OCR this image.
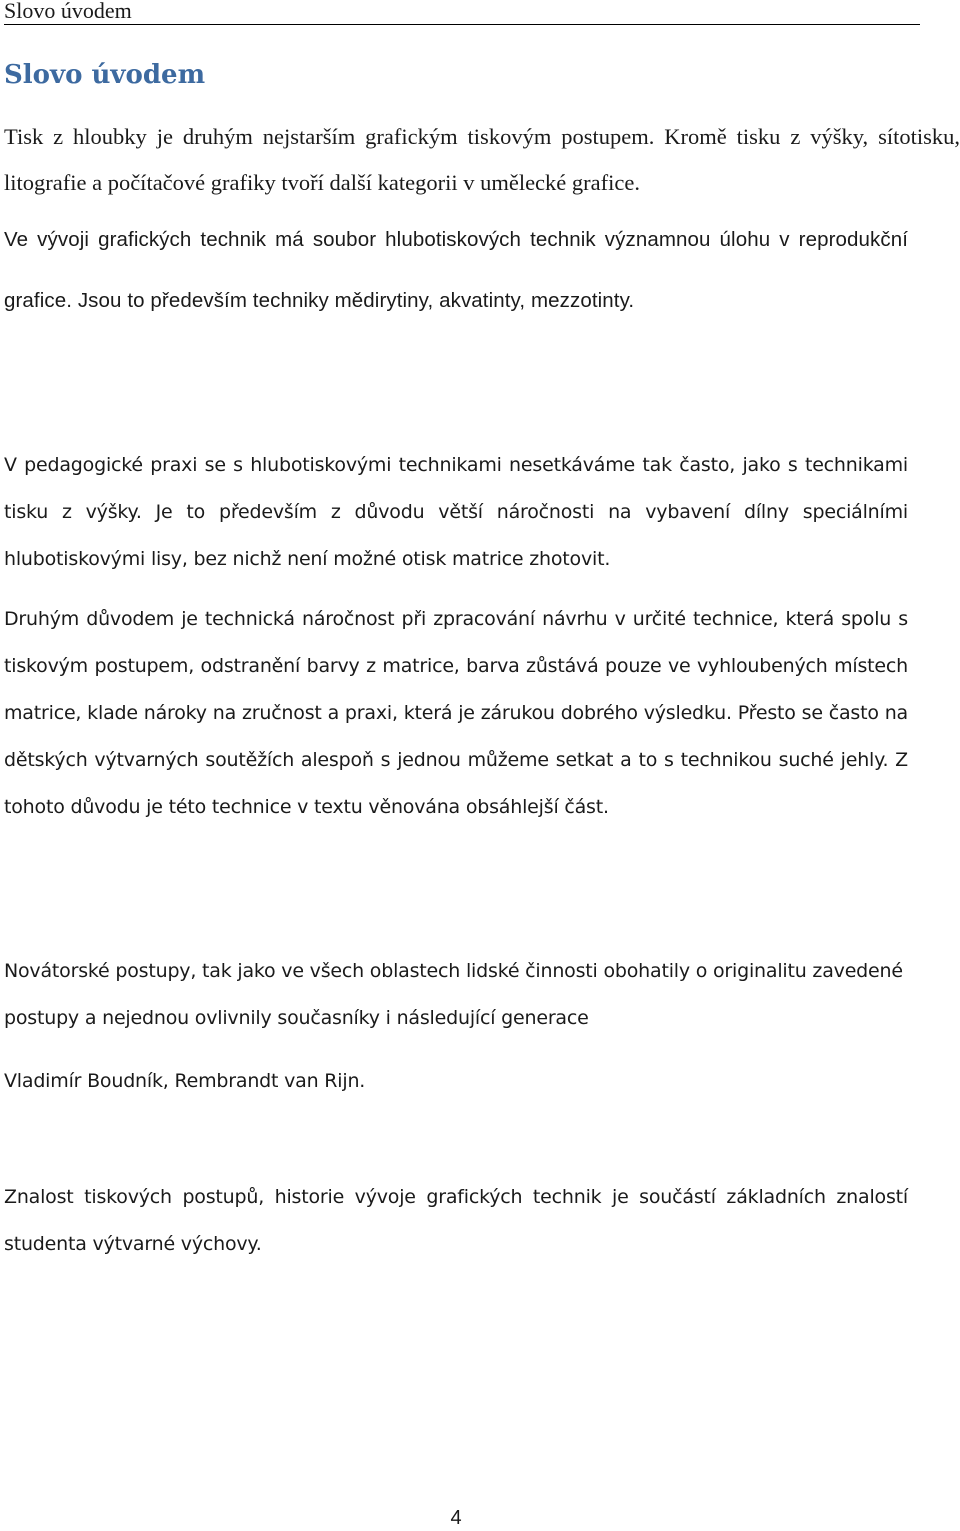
Slovo úvodem
Slovo úvodem

Tisk z hloubky je druhým nejstarším grafickým tiskovým postupem. Kromě tisku z výšky, sítotisku, litografie a počítačové grafiky tvoří další kategorii v umělecké grafice.

Ve vývoji grafických technik má soubor hlubotiskových technik významnou úlohu v reprodukční grafice. Jsou to především techniky mědirytiny, akvatinty, mezzotinty.

V pedagogické praxi se s hlubotiskovými technikami nesetkáváme tak často, jako s technikami tisku z výšky. Je to především z důvodu větší náročnosti na vybavení dílny speciálními hlubotiskovými lisy, bez nichž není možné otisk matrice zhotovit.

Druhým důvodem je technická náročnost při zpracování návrhu v určité technice, která spolu s tiskovým postupem, odstranění barvy z matrice, barva zůstává pouze ve vyhloubených místech matrice, klade nároky na zručnost a praxi, která je zárukou dobrého výsledku. Přesto se často na dětských výtvarných soutěžích alespoň s jednou můžeme setkat a to s technikou suché jehly. Z tohoto důvodu je této technice v textu věnována obsáhlejší část.

Novátorské postupy, tak jako ve všech oblastech lidské činnosti obohatily o originalitu zavedené postupy a nejednou ovlivnily současníky i následující generace

Vladimír Boudník, Rembrandt van Rijn.

Znalost tiskových postupů, historie vývoje grafických technik je součástí základních znalostí studenta výtvarné výchovy.

4
